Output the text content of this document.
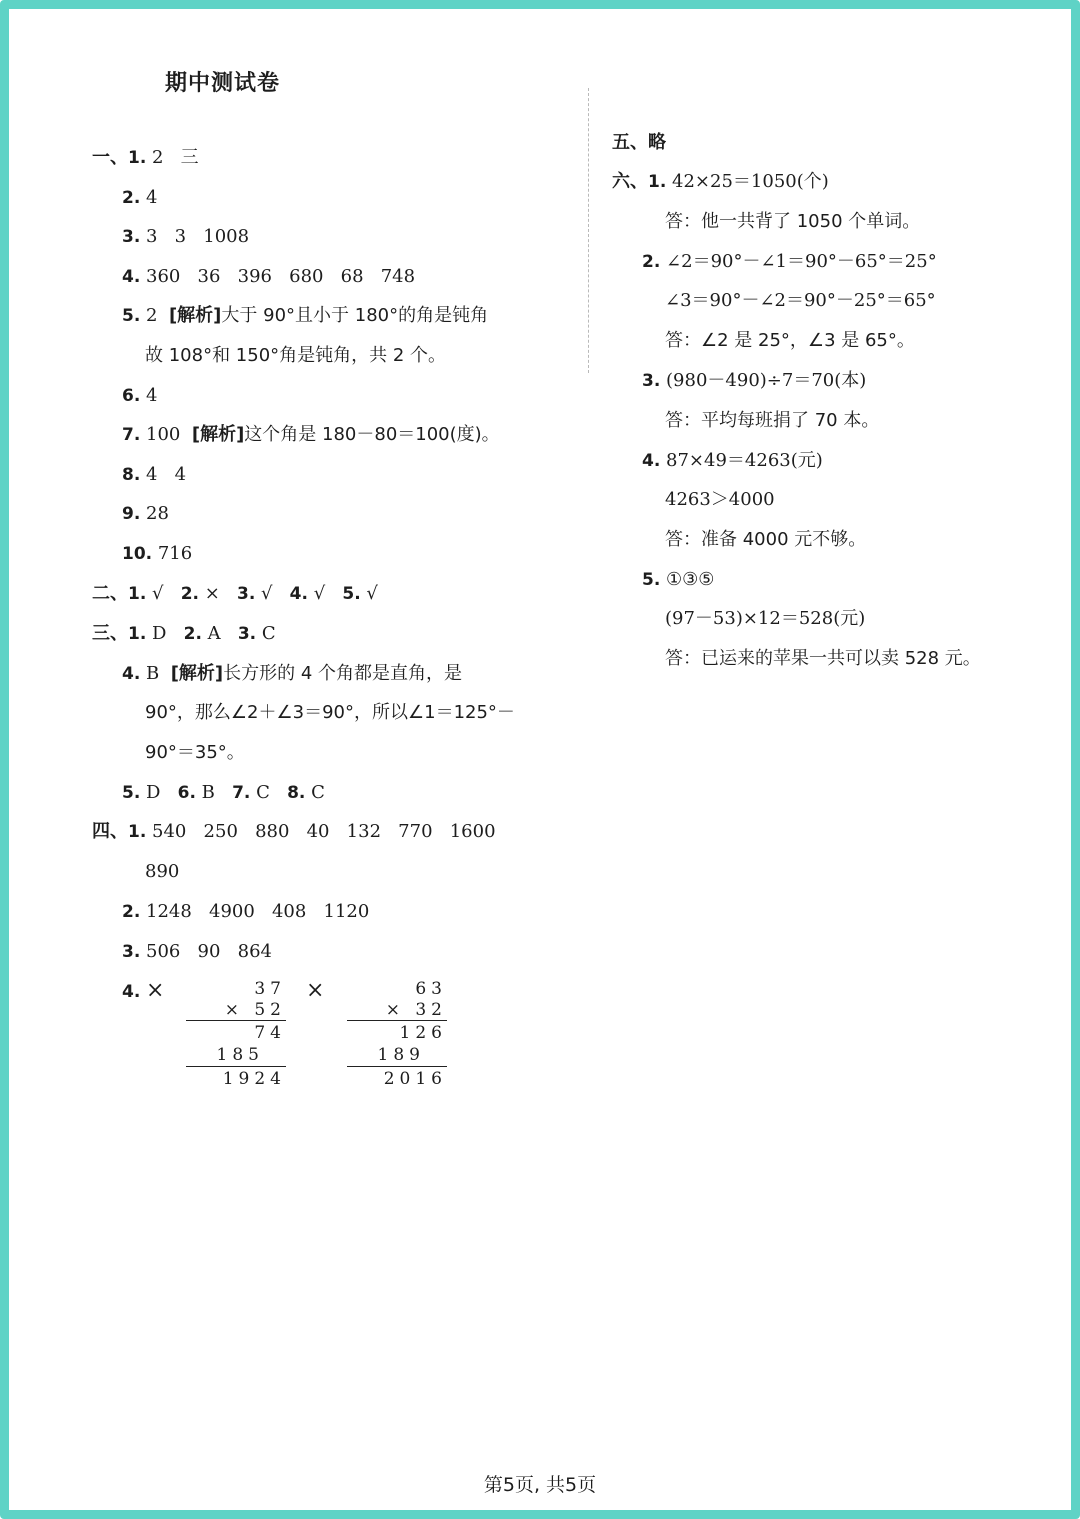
期中测试卷
一、1. 2   三
2. 4
3. 3   3   1008
4. 360   36   396   680   68   748
5. 2  [解析]大于 90°且小于 180°的角是钝角
故 108°和 150°角是钝角，共 2 个。
6. 4
7. 100  [解析]这个角是 180－80＝100(度)。
8. 4   4
9. 28
10. 716
二、1. √ 2. × 3. √ 4. √ 5. √
三、1. D 2. A 3. C
4. B  [解析]长方形的 4 个角都是直角，是
90°，那么∠2＋∠3＝90°，所以∠1＝125°－
90°＝35°。
5. D 6. B 7. C 8. C
四、1. 540   250   880   40   132   770   1600
890
2. 1248   4900   408   1120
3. 506   90   864
4. ×	×
37
× 52
74
185
1924
63
× 32
126
189
2016
五、略
六、1. 42×25＝1050(个)
答：他一共背了 1050 个单词。
2. ∠2＝90°－∠1＝90°－65°＝25°
∠3＝90°－∠2＝90°－25°＝65°
答：∠2 是 25°，∠3 是 65°。
3. (980－490)÷7＝70(本)
答：平均每班捐了 70 本。
4. 87×49＝4263(元)
4263＞4000
答：准备 4000 元不够。
5. ①③⑤
(97－53)×12＝528(元)
答：已运来的苹果一共可以卖 528 元。
第5页, 共5页
